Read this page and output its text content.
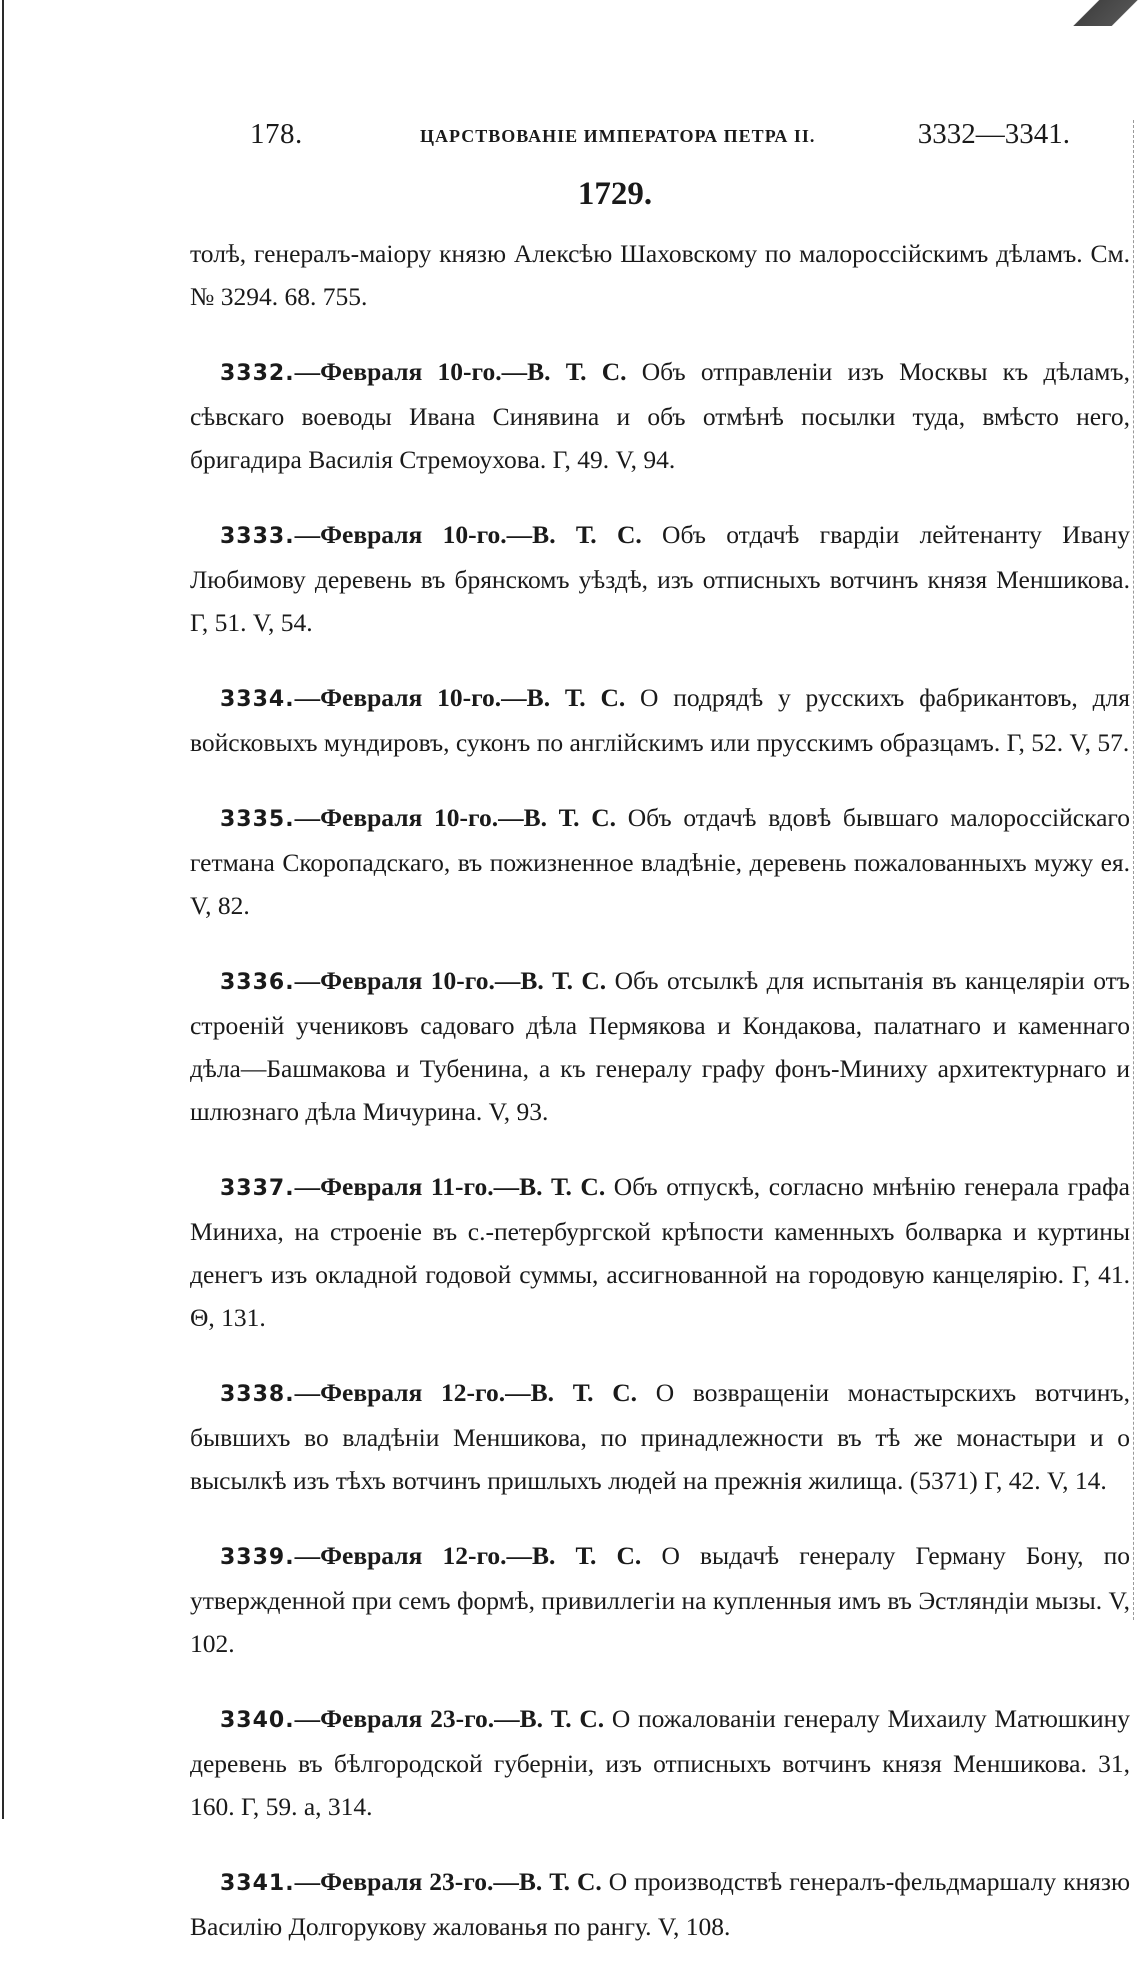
178.	ЦАРСТВОВАНІЕ ИМПЕРАТОРА ПЕТРА II.	3332—3341.
1729.

толѣ, генералъ-маіору князю Алексѣю Шаховскому по малороссійскимъ дѣламъ. См. № 3294. 68. 755.

3332.—Февраля 10-го.—В. Т. С. Объ отправленіи изъ Москвы къ дѣламъ, сѣвскаго воеводы Ивана Синявина и объ отмѣнѣ посылки туда, вмѣсто него, бригадира Василія Стремоухова. Г, 49. V, 94.

3333.—Февраля 10-го.—В. Т. С. Объ отдачѣ гвардіи лейтенанту Ивану Любимову деревень въ брянскомъ уѣздѣ, изъ отписныхъ вотчинъ князя Меншикова. Г, 51. V, 54.

3334.—Февраля 10-го.—В. Т. С. О подрядѣ у русскихъ фабрикантовъ, для войсковыхъ мундировъ, суконъ по англійскимъ или прусскимъ образцамъ. Г, 52. V, 57.

3335.—Февраля 10-го.—В. Т. С. Объ отдачѣ вдовѣ бывшаго малороссійскаго гетмана Скоропадскаго, въ пожизненное владѣніе, деревень пожалованныхъ мужу ея. V, 82.

3336.—Февраля 10-го.—В. Т. С. Объ отсылкѣ для испытанія въ канцеляріи отъ строеній учениковъ садоваго дѣла Пермякова и Кондакова, палатнаго и каменнаго дѣла—Башмакова и Тубенина, а къ генералу графу фонъ-Миниху архитектурнаго и шлюзнаго дѣла Мичурина. V, 93.

3337.—Февраля 11-го.—В. Т. С. Объ отпускѣ, согласно мнѣнію генерала графа Миниха, на строеніе въ с.-петербургской крѣпости каменныхъ болварка и куртины денегъ изъ окладной годовой суммы, ассигнованной на городовую канцелярію. Г, 41. Θ, 131.

3338.—Февраля 12-го.—В. Т. С. О возвращеніи монастырскихъ вотчинъ, бывшихъ во владѣніи Меншикова, по принадлежности въ тѣ же монастыри и о высылкѣ изъ тѣхъ вотчинъ пришлыхъ людей на прежнія жилища. (5371) Г, 42. V, 14.

3339.—Февраля 12-го.—В. Т. С. О выдачѣ генералу Герману Бону, по утвержденной при семъ формѣ, привиллегіи на купленныя имъ въ Эстляндіи мызы. V, 102.

3340.—Февраля 23-го.—В. Т. С. О пожалованіи генералу Михаилу Матюшкину деревень въ бѣлгородской губерніи, изъ отписныхъ вотчинъ князя Меншикова. 31, 160. Г, 59. а, 314.

3341.—Февраля 23-го.—В. Т. С. О производствѣ генералъ-фельдмаршалу князю Василію Долгорукову жалованья по рангу. V, 108.
